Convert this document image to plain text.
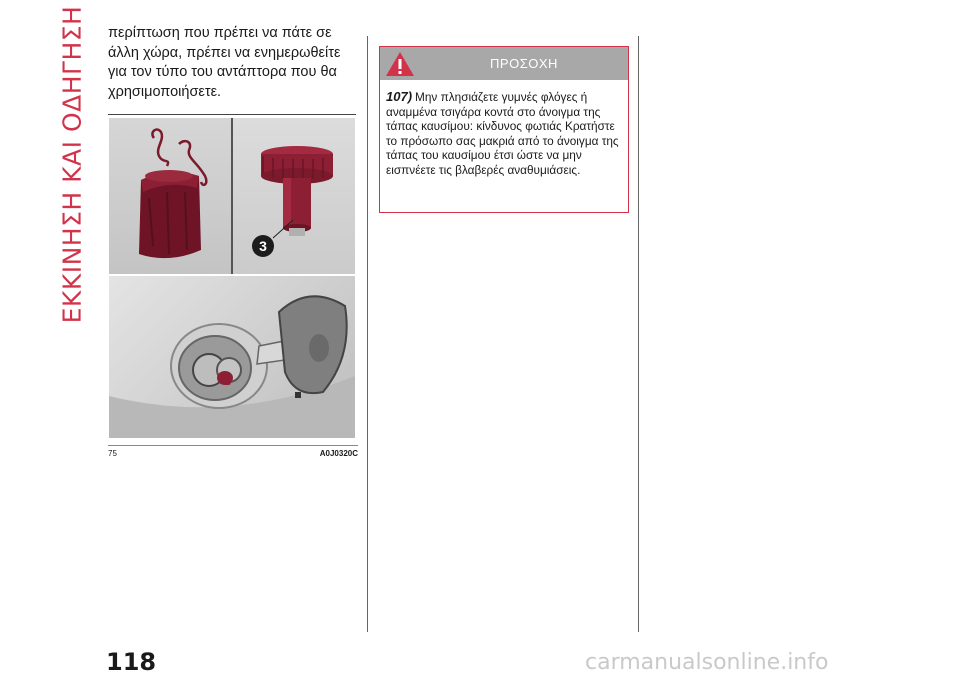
ΕΚΚΙΝΗΣΗ ΚΑΙ ΟΔΗΓΗΣΗ περίπτωση που πρέπει να πάτε σε άλλη χώρα, πρέπει να ενημερωθείτε για τον τύπο του αντάπτορα που θα χρησιμοποιήσετε.
3
75	A0J0320C
ΠΡΟΣΟΧΗ
107) Μην πλησιάζετε γυμνές φλόγες ή αναμμένα τσιγάρα κοντά στο άνοιγμα της τάπας καυσίμου: κίνδυνος φωτιάς Κρατήστε το πρόσωπο σας μακριά από το άνοιγμα της τάπας του καυσίμου έτσι ώστε να μην εισπνέετε τις βλαβερές αναθυμιάσεις.
118	carmanualsonline.info
